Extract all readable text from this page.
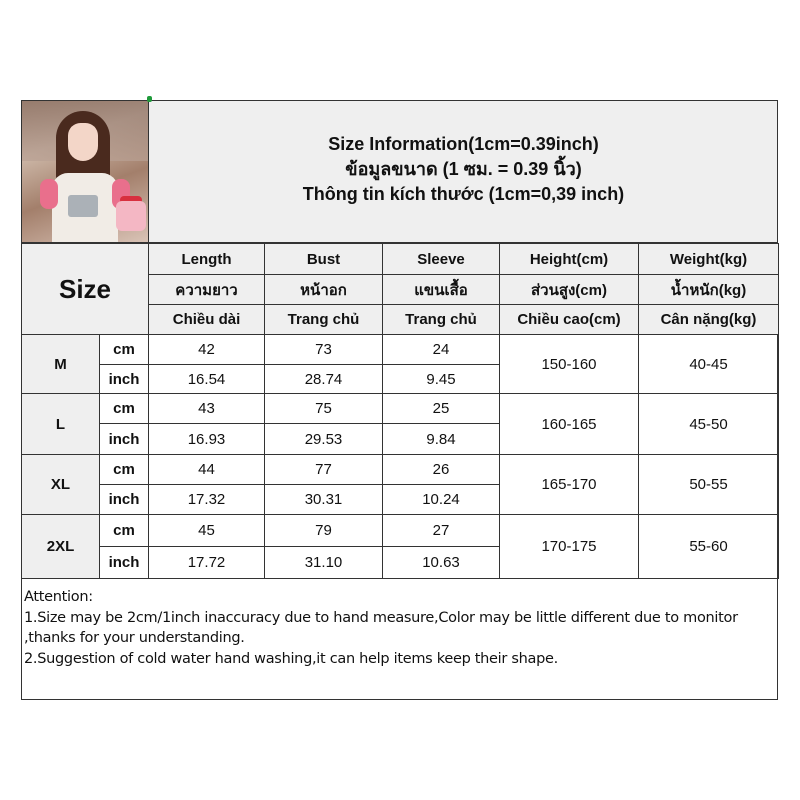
Size Information(1cm=0.39inch)
ข้อมูลขนาด (1 ซม. = 0.39 นิ้ว)
Thông tin kích thước (1cm=0,39 inch)
Size		Length	Bust	Sleeve	Height(cm)	Weight(kg)
		ความยาว	หน้าอก	แขนเสื้อ	ส่วนสูง(cm)	น้ำหนัก(kg)
		Chiều dài	Trang chủ	Trang chủ	Chiều cao(cm)	Cân nặng(kg)
M	cm	42	73	24	150-160	40-45
	inch	16.54	28.74	9.45		
L	cm	43	75	25	160-165	45-50
	inch	16.93	29.53	9.84		
XL	cm	44	77	26	165-170	50-55
	inch	17.32	30.31	10.24		
2XL	cm	45	79	27	170-175	55-60
	inch	17.72	31.10	10.63		
Attention:
1.Size may be 2cm/1inch inaccuracy due to hand measure,Color may be little different due to monitor
,thanks for your understanding.
2.Suggestion of cold water hand washing,it can help items keep their shape.
